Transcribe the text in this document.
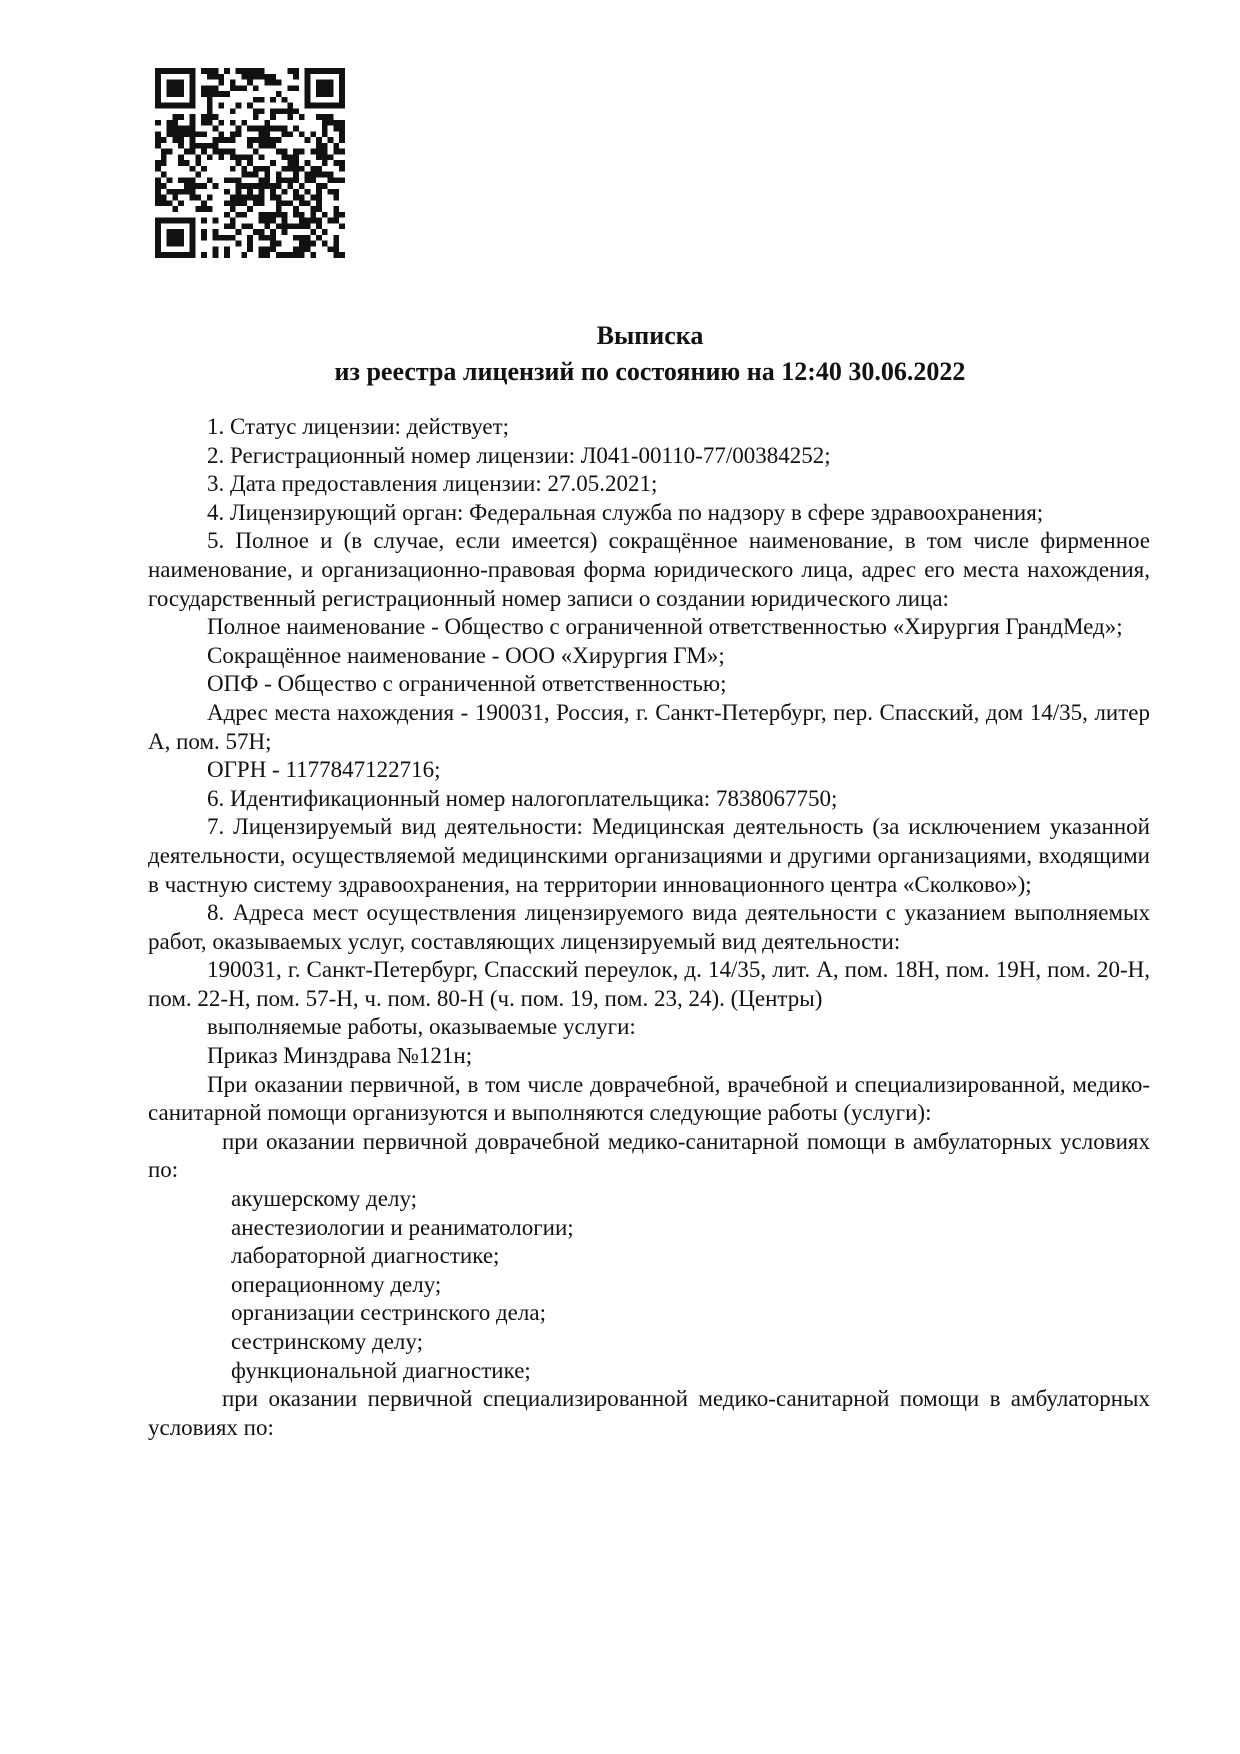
Выписка
из реестра лицензий по состоянию на 12:40 30.06.2022

1. Статус лицензии: действует;

2. Регистрационный номер лицензии: Л041-00110-77/00384252;

3. Дата предоставления лицензии: 27.05.2021;

4. Лицензирующий орган: Федеральная служба по надзору в сфере здравоохранения;

5. Полное и (в случае, если имеется) сокращённое наименование, в том числе фирменное наименование, и организационно-правовая форма юридического лица, адрес его места нахождения, государственный регистрационный номер записи о создании юридического лица:

Полное наименование - Общество с ограниченной ответственностью «Хирургия ГрандМед»;

Сокращённое наименование - ООО «Хирургия ГМ»;

ОПФ - Общество с ограниченной ответственностью;

Адрес места нахождения - 190031, Россия, г. Санкт-Петербург, пер. Спасский, дом 14/35, литер А, пом. 57Н;

ОГРН - 1177847122716;

6. Идентификационный номер налогоплательщика: 7838067750;

7. Лицензируемый вид деятельности: Медицинская деятельность (за исключением указанной деятельности, осуществляемой медицинскими организациями и другими организациями, входящими в частную систему здравоохранения, на территории инновационного центра «Сколково»);

8. Адреса мест осуществления лицензируемого вида деятельности с указанием выполняемых работ, оказываемых услуг, составляющих лицензируемый вид деятельности:

190031, г. Санкт-Петербург, Спасский переулок, д. 14/35, лит. А, пом. 18Н, пом. 19Н, пом. 20-Н, пом. 22-Н, пом. 57-Н, ч. пом. 80-Н (ч. пом. 19, пом. 23, 24). (Центры)

выполняемые работы, оказываемые услуги:

Приказ Минздрава №121н;

При оказании первичной, в том числе доврачебной, врачебной и специализированной, медико-санитарной помощи организуются и выполняются следующие работы (услуги):

при оказании первичной доврачебной медико-санитарной помощи в амбулаторных условиях по:

акушерскому делу;

анестезиологии и реаниматологии;

лабораторной диагностике;

операционному делу;

организации сестринского дела;

сестринскому делу;

функциональной диагностике;

при оказании первичной специализированной медико-санитарной помощи в амбулаторных условиях по:
